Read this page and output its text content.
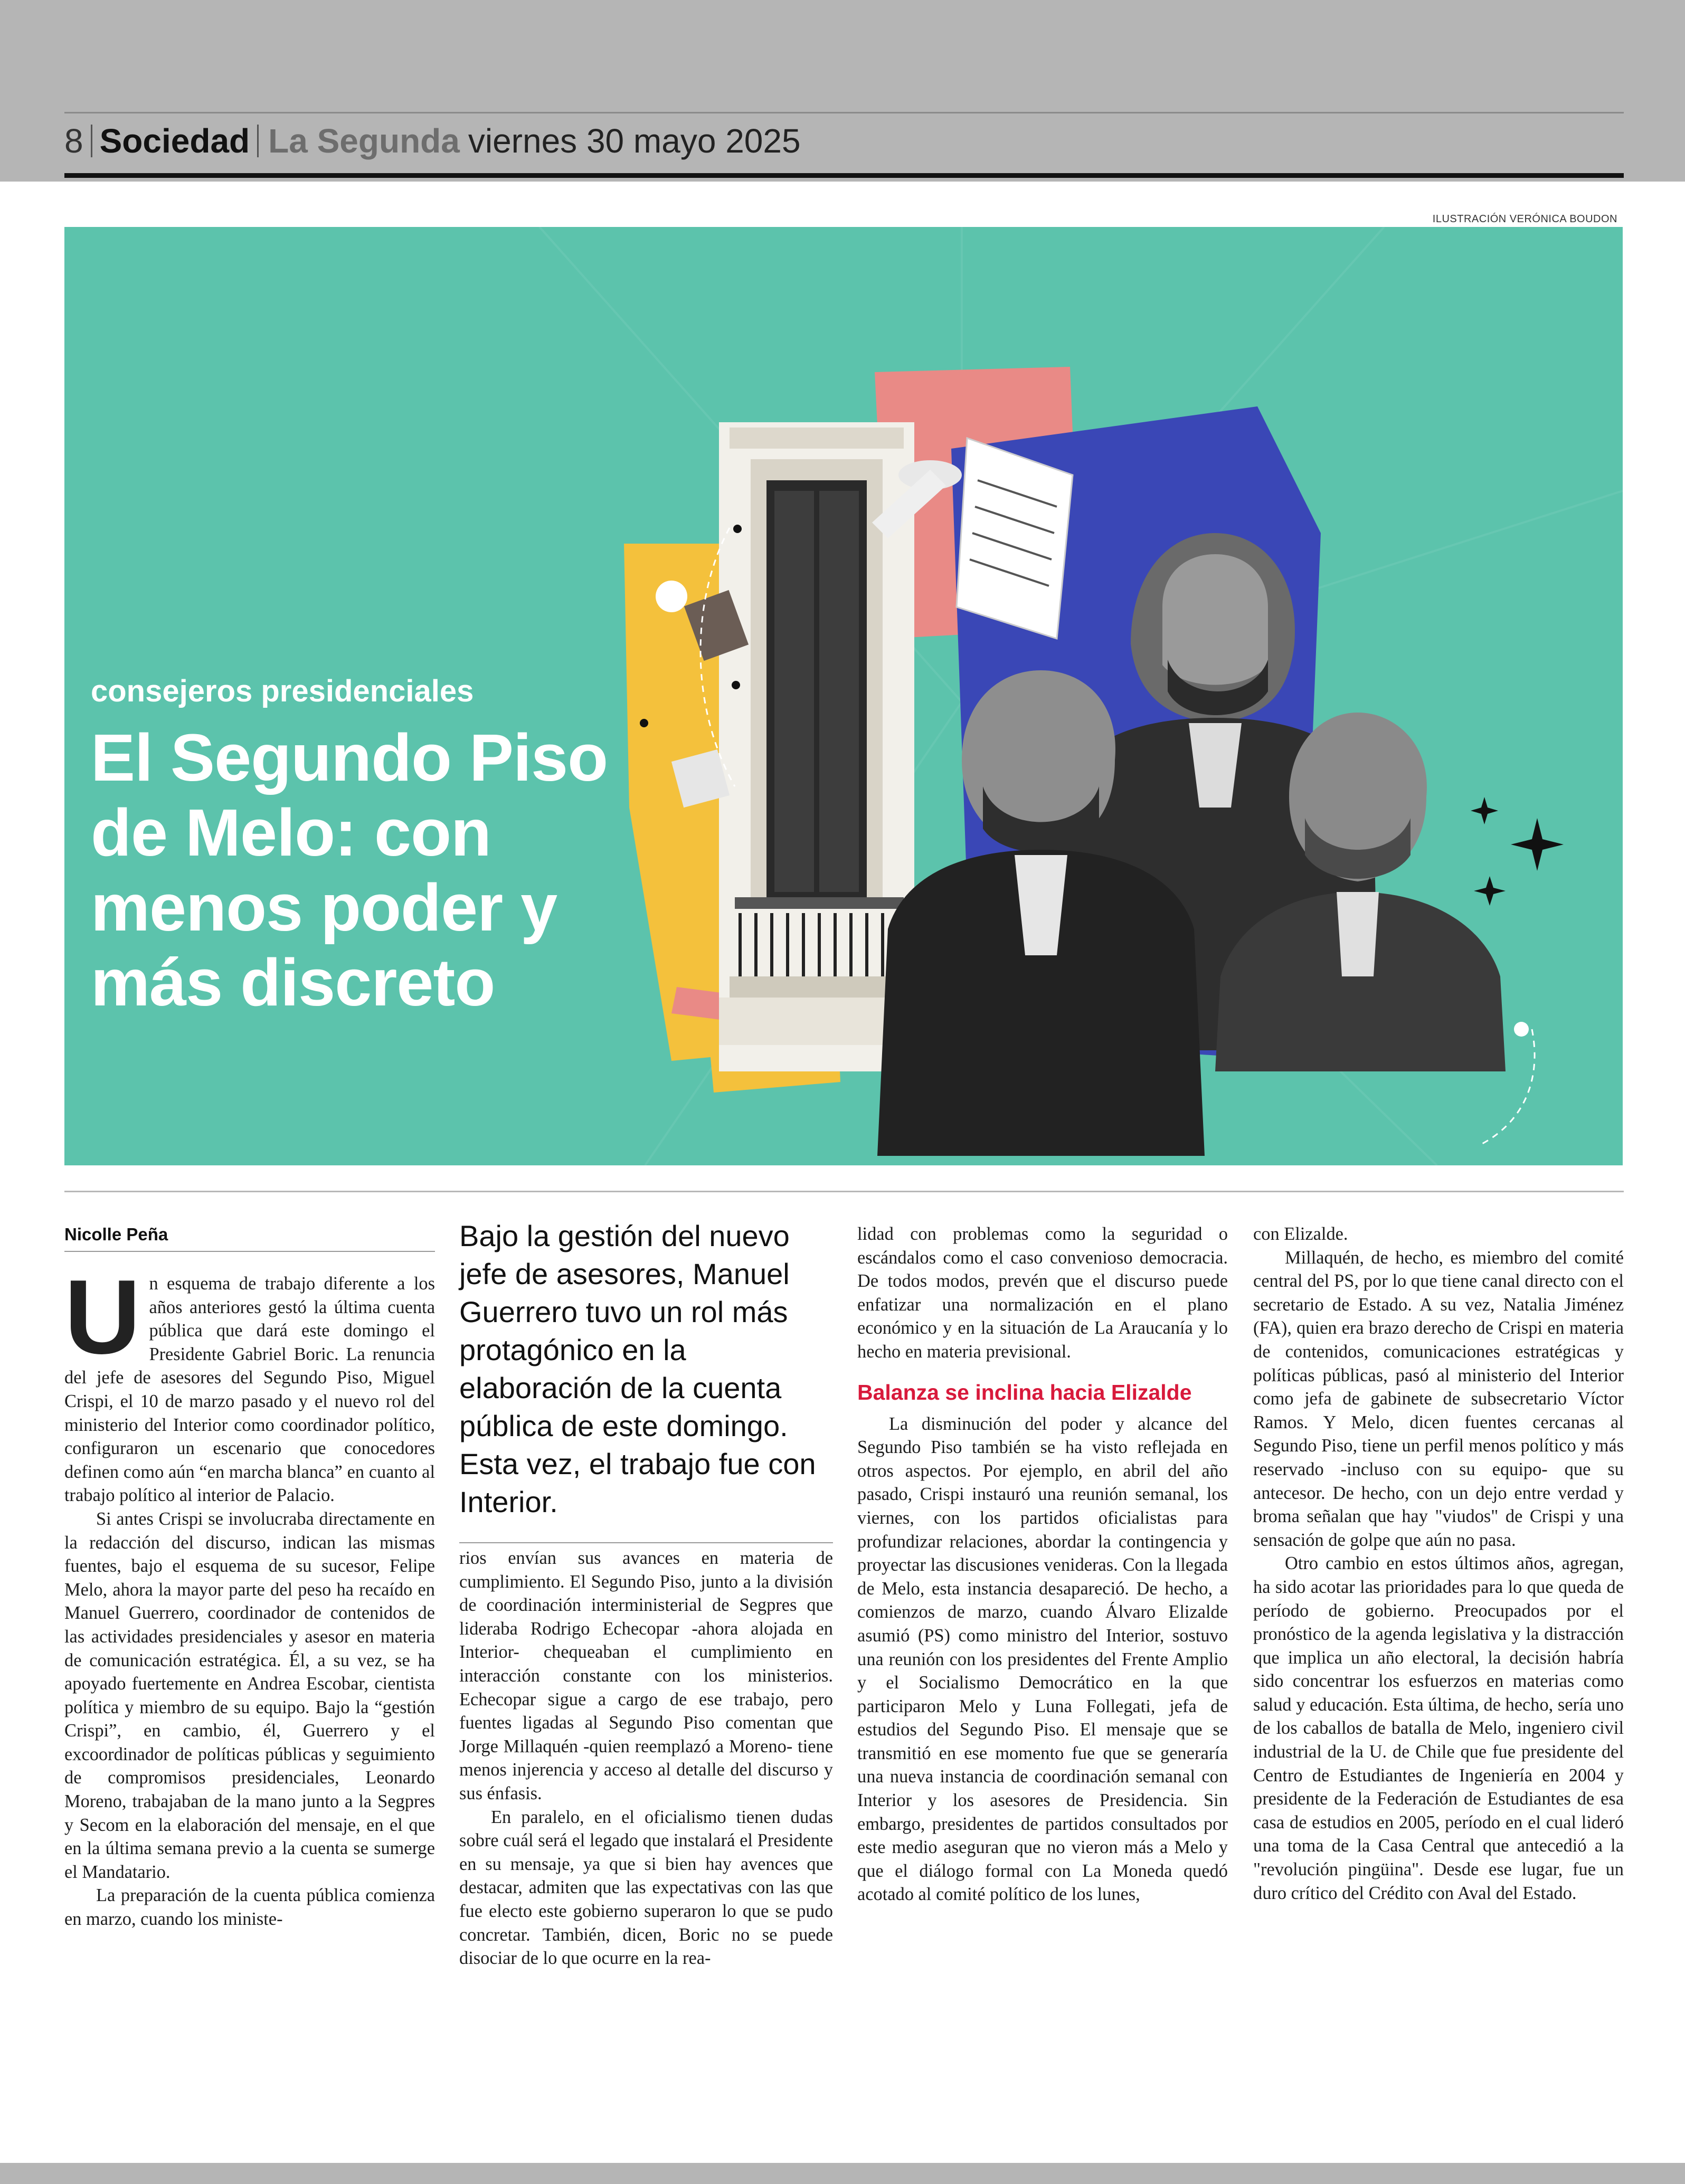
8 Sociedad La Segunda viernes 30 mayo 2025
ILUSTRACIÓN VERÓNICA BOUDON
consejeros presidenciales
El Segundo Piso de Melo: con menos poder y más discreto
Nicolle Peña

Un esquema de trabajo diferente a los años anteriores gestó la última cuenta pública que dará este domingo el Presidente Gabriel Boric. La renuncia del jefe de asesores del Segundo Piso, Miguel Crispi, el 10 de marzo pasado y el nuevo rol del ministerio del Interior como coordinador político, configuraron un escenario que conocedores definen como aún “en marcha blanca” en cuanto al trabajo político al interior de Palacio.

Si antes Crispi se involucraba directamente en la redacción del discurso, indican las mismas fuentes, bajo el esquema de su sucesor, Felipe Melo, ahora la mayor parte del peso ha recaído en Manuel Guerrero, coordinador de contenidos de las actividades presidenciales y asesor en materia de comunicación estratégica. Él, a su vez, se ha apoyado fuertemente en Andrea Escobar, cientista política y miembro de su equipo. Bajo la “gestión Crispi”, en cambio, él, Guerrero y el excoordinador de políticas públicas y seguimiento de compromisos presidenciales, Leonardo Moreno, trabajaban de la mano junto a la Segpres y Secom en la elaboración del mensaje, en el que en la última semana previo a la cuenta se sumerge el Mandatario.

La preparación de la cuenta pública comienza en marzo, cuando los ministe-

Bajo la gestión del nuevo jefe de asesores, Manuel Guerrero tuvo un rol más protagónico en la elaboración de la cuenta pública de este domingo. Esta vez, el trabajo fue con Interior.

rios envían sus avances en materia de cumplimiento. El Segundo Piso, junto a la división de coordinación interministerial de Segpres que lideraba Rodrigo Echecopar -ahora alojada en Interior- chequeaban el cumplimiento en interacción constante con los ministerios. Echecopar sigue a cargo de ese trabajo, pero fuentes ligadas al Segundo Piso comentan que Jorge Millaquén -quien reemplazó a Moreno- tiene menos injerencia y acceso al detalle del discurso y sus énfasis.

En paralelo, en el oficialismo tienen dudas sobre cuál será el legado que instalará el Presidente en su mensaje, ya que si bien hay avences que destacar, admiten que las expectativas con las que fue electo este gobierno superaron lo que se pudo concretar. También, dicen, Boric no se puede disociar de lo que ocurre en la rea-

lidad con problemas como la seguridad o escándalos como el caso convenioso democracia. De todos modos, prevén que el discurso puede enfatizar una normalización en el plano económico y en la situación de La Araucanía y lo hecho en materia previsional.

Balanza se inclina hacia Elizalde

La disminución del poder y alcance del Segundo Piso también se ha visto reflejada en otros aspectos. Por ejemplo, en abril del año pasado, Crispi instauró una reunión semanal, los viernes, con los partidos oficialistas para profundizar relaciones, abordar la contingencia y proyectar las discusiones venideras. Con la llegada de Melo, esta instancia desapareció. De hecho, a comienzos de marzo, cuando Álvaro Elizalde asumió (PS) como ministro del Interior, sostuvo una reunión con los presidentes del Frente Amplio y el Socialismo Democrático en la que participaron Melo y Luna Follegati, jefa de estudios del Segundo Piso. El mensaje que se transmitió en ese momento fue que se generaría una nueva instancia de coordinación semanal con Interior y los asesores de Presidencia. Sin embargo, presidentes de partidos consultados por este medio aseguran que no vieron más a Melo y que el diálogo formal con La Moneda quedó acotado al comité político de los lunes,

con Elizalde.

Millaquén, de hecho, es miembro del comité central del PS, por lo que tiene canal directo con el secretario de Estado. A su vez, Natalia Jiménez (FA), quien era brazo derecho de Crispi en materia de contenidos, comunicaciones estratégicas y políticas públicas, pasó al ministerio del Interior como jefa de gabinete de subsecretario Víctor Ramos. Y Melo, dicen fuentes cercanas al Segundo Piso, tiene un perfil menos político y más reservado -incluso con su equipo- que su antecesor. De hecho, con un dejo entre verdad y broma señalan que hay "viudos" de Crispi y una sensación de golpe que aún no pasa.

Otro cambio en estos últimos años, agregan, ha sido acotar las prioridades para lo que queda de período de gobierno. Preocupados por el pronóstico de la agenda legislativa y la distracción que implica un año electoral, la decisión habría sido concentrar los esfuerzos en materias como salud y educación. Esta última, de hecho, sería uno de los caballos de batalla de Melo, ingeniero civil industrial de la U. de Chile que fue presidente del Centro de Estudiantes de Ingeniería en 2004 y presidente de la Federación de Estudiantes de esa casa de estudios en 2005, período en el cual lideró una toma de la Casa Central que antecedió a la "revolución pingüina". Desde ese lugar, fue un duro crítico del Crédito con Aval del Estado.
